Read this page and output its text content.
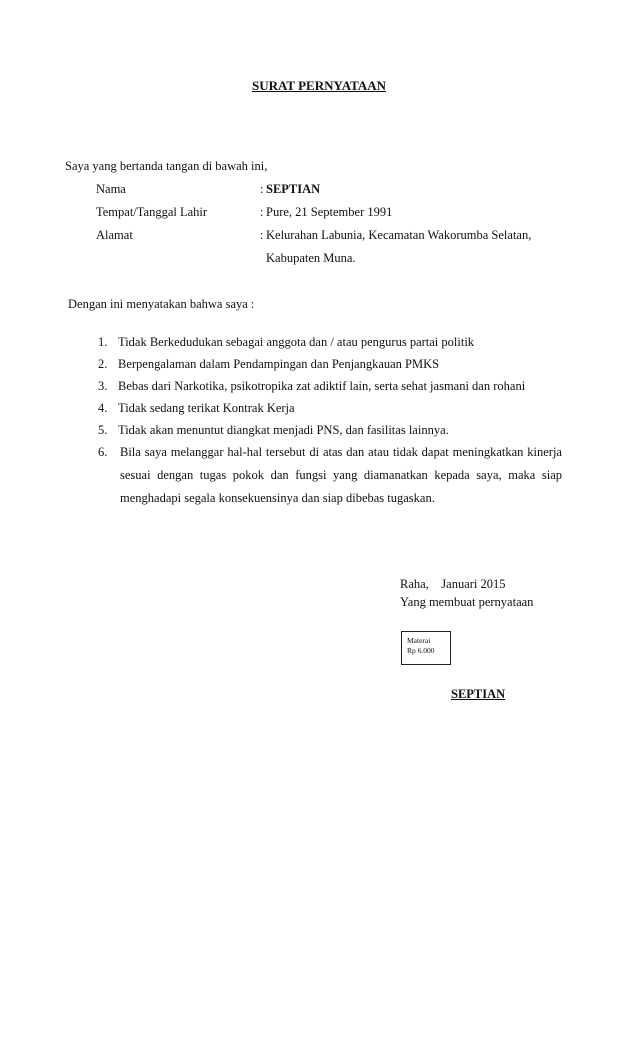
SURAT PERNYATAAN
Saya yang bertanda tangan di bawah ini,
Nama	: SEPTIAN
Tempat/Tanggal Lahir	: Pure, 21 September 1991
Alamat	: Kelurahan Labunia, Kecamatan Wakorumba Selatan,
Kabupaten Muna.
Dengan ini menyatakan bahwa saya :
1. Tidak Berkedudukan sebagai anggota dan / atau pengurus partai politik
2. Berpengalaman dalam Pendampingan dan Penjangkauan PMKS
3. Bebas dari Narkotika, psikotropika zat adiktif lain, serta sehat jasmani dan rohani
4. Tidak sedang terikat Kontrak Kerja
5. Tidak akan menuntut diangkat menjadi PNS, dan fasilitas lainnya.
6. Bila saya melanggar hal-hal tersebut di atas dan atau tidak dapat meningkatkan kinerja
sesuai dengan tugas pokok dan fungsi yang diamanatkan kepada saya, maka siap
menghadapi segala konsekuensinya dan siap dibebas tugaskan.
Raha,    Januari 2015
Yang membuat pernyataan
Materai
Rp 6.000
SEPTIAN
